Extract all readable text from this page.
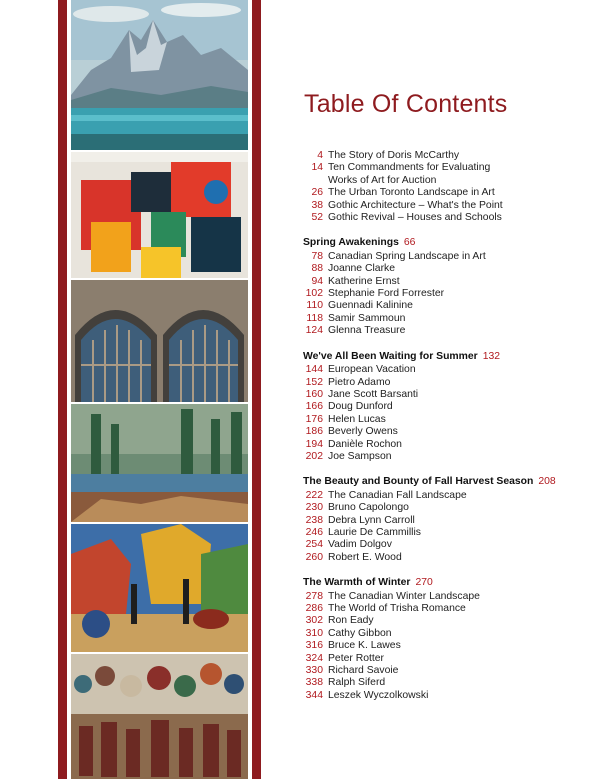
Table Of Contents
4 The Story of Doris McCarthy
14 Ten Commandments for Evaluating
Works of Art for Auction
26 The Urban Toronto Landscape in Art
38 Gothic Architecture – What's the Point
52 Gothic Revival – Houses and Schools
Spring Awakenings 66
78 Canadian Spring Landscape in Art
88 Joanne Clarke
94 Katherine Ernst
102 Stephanie Ford Forrester
110 Guennadi Kalinine
118 Samir Sammoun
124 Glenna Treasure
We've All Been Waiting for Summer 132
144 European Vacation
152 Pietro Adamo
160 Jane Scott Barsanti
166 Doug Dunford
176 Helen Lucas
186 Beverly Owens
194 Danièle Rochon
202 Joe Sampson
The Beauty and Bounty of Fall Harvest Season 208
222 The Canadian Fall Landscape
230 Bruno Capolongo
238 Debra Lynn Carroll
246 Laurie De Cammillis
254 Vadim Dolgov
260 Robert E. Wood
The Warmth of Winter 270
278 The Canadian Winter Landscape
286 The World of Trisha Romance
302 Ron Eady
310 Cathy Gibbon
316 Bruce K. Lawes
324 Peter Rotter
330 Richard Savoie
338 Ralph Siferd
344 Leszek Wyczolkowski
